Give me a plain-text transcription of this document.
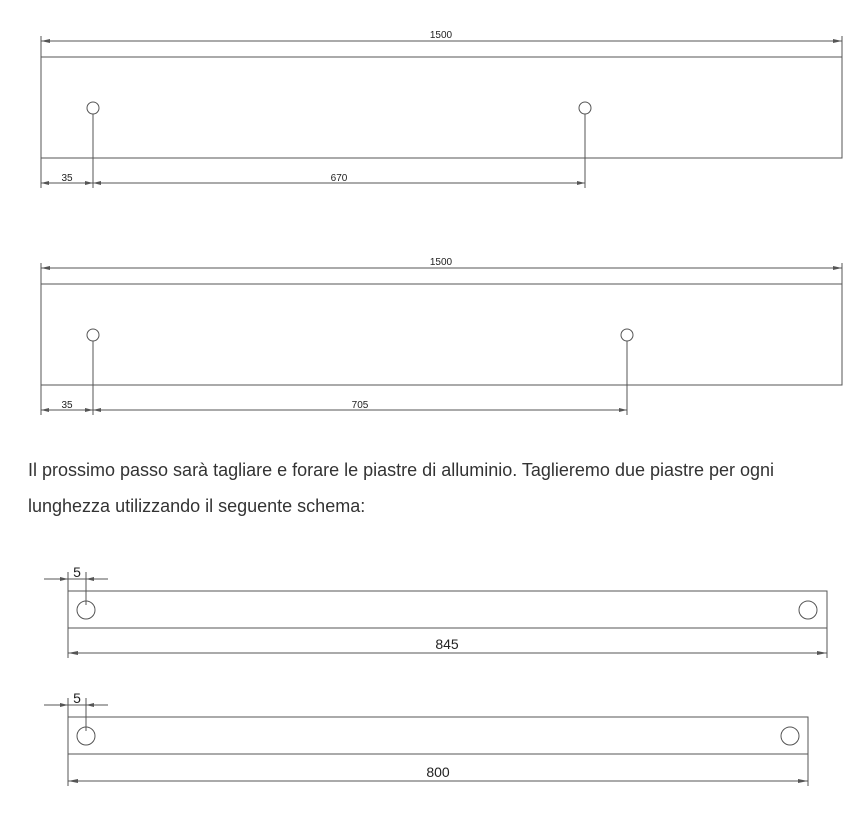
1500
35	670
1500
35	705
Il prossimo passo sarà tagliare e forare le piastre di alluminio. Taglieremo due piastre per ogni
lunghezza utilizzando il seguente schema:
5
845
5
800
